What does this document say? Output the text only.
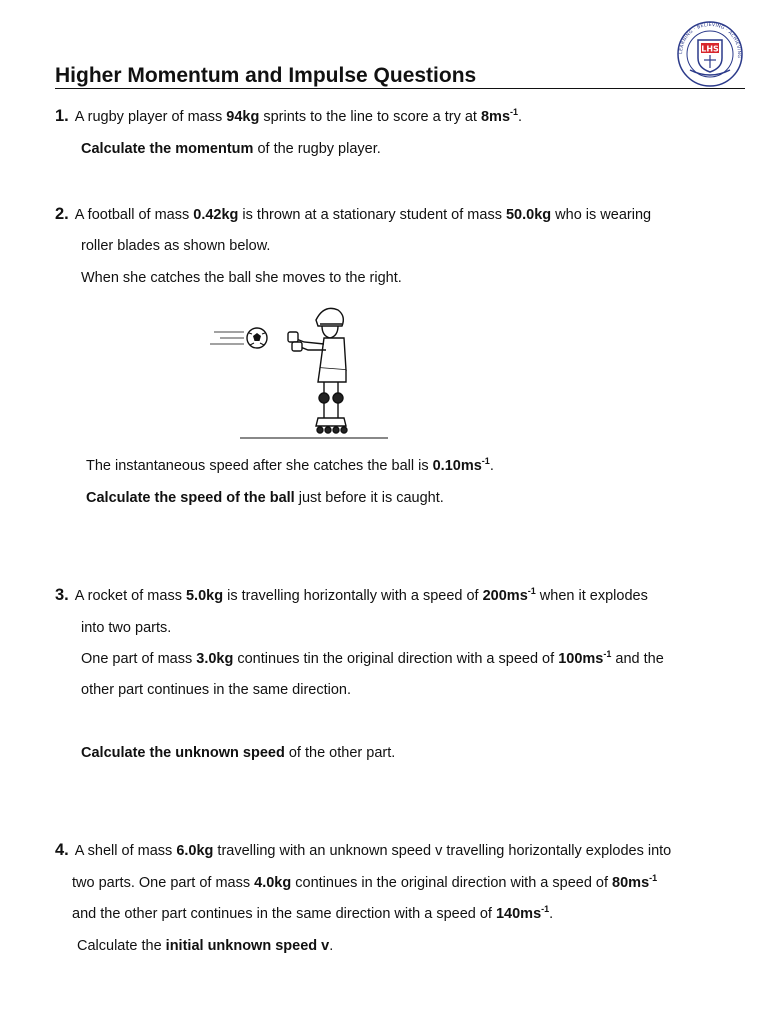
LHS
LEARNING · BELIEVING · ACHIEVING
Higher Momentum and Impulse Questions
1. A rugby player of mass 94kg sprints to the line to score a try at $8ms^{-1}$.
Calculate the momentum of the rugby player.
2. A football of mass 0.42kg is thrown at a stationary student of mass 50.0kg who is wearing
roller blades as shown below.
When she catches the ball she moves to the right.
The instantaneous speed after she catches the ball is $0.10ms^{-1}$.
Calculate the speed of the ball just before it is caught.
3. A rocket of mass 5.0kg is travelling horizontally with a speed of $200ms^{-1}$ when it explodes
into two parts.
One part of mass 3.0kg continues tin the original direction with a speed of $100ms^{-1}$ and the
other part continues in the same direction.
Calculate the unknown speed of the other part.
4. A shell of mass 6.0kg travelling with an unknown speed v travelling horizontally explodes into
two parts. One part of mass 4.0kg continues in the original direction with a speed of $80ms^{-1}$
and the other part continues in the same direction with a speed of $140ms^{-1}$.
Calculate the initial unknown speed v.
